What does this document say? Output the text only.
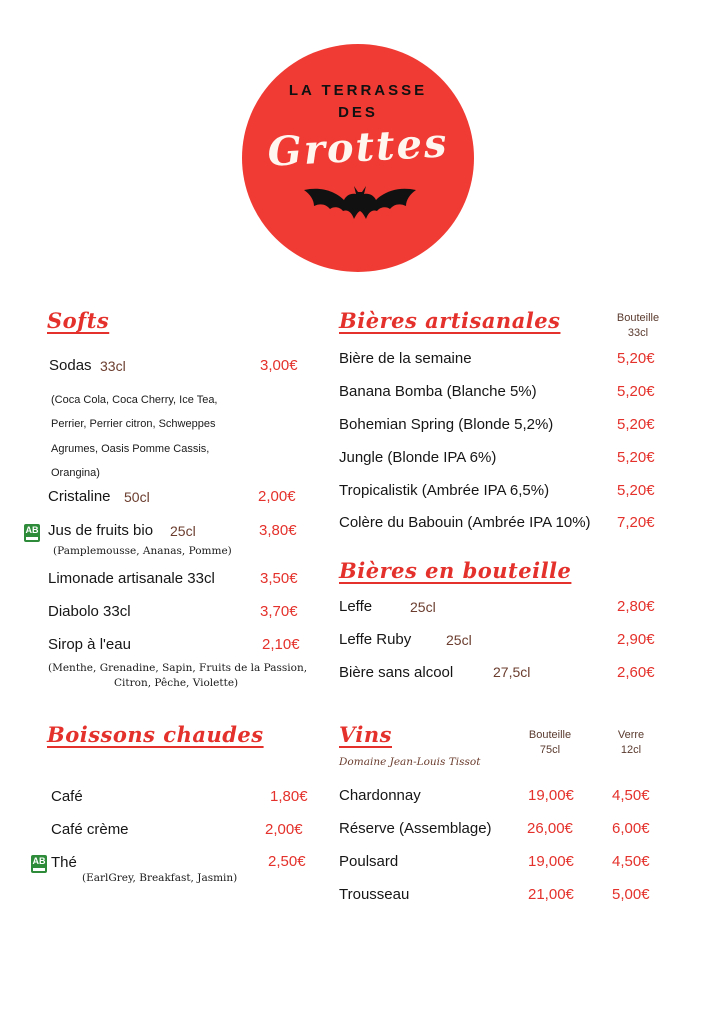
LA TERRASSE
DES
Grottes
Softs
Sodas 33cl	3,00€
(Coca Cola, Coca Cherry, Ice Tea,
Perrier, Perrier citron, Schweppes
Agrumes, Oasis Pomme Cassis,
Orangina)
Cristaline 50cl	2,00€
AB Jus de fruits bio 25cl	3,80€
(Pamplemousse, Ananas, Pomme)
Limonade artisanale 33cl	3,50€
Diabolo 33cl	3,70€
Sirop à l'eau	2,10€
(Menthe, Grenadine, Sapin, Fruits de la Passion,
Citron, Pêche, Violette)
Bières artisanales	Bouteille
33cl
Bière de la semaine	5,20€
Banana Bomba (Blanche 5%)	5,20€
Bohemian Spring (Blonde 5,2%)	5,20€
Jungle (Blonde IPA 6%)	5,20€
Tropicalistik (Ambrée IPA 6,5%)	5,20€
Colère du Babouin (Ambrée IPA 10%) 7,20€
Bières en bouteille
Leffe	25cl	2,80€
Leffe Ruby 25cl	2,90€
Bière sans alcool	27,5cl	2,60€
Boissons chaudes
Café	1,80€
Café crème	2,00€
AB Thé	2,50€
(EarlGrey, Breakfast, Jasmin)
Vins
Domaine Jean-Louis Tissot
Bouteille
75cl
Verre
12cl
Chardonnay	19,00€	4,50€
Réserve (Assemblage) 26,00€	6,00€
Poulsard	19,00€	4,50€
Trousseau	21,00€	5,00€
